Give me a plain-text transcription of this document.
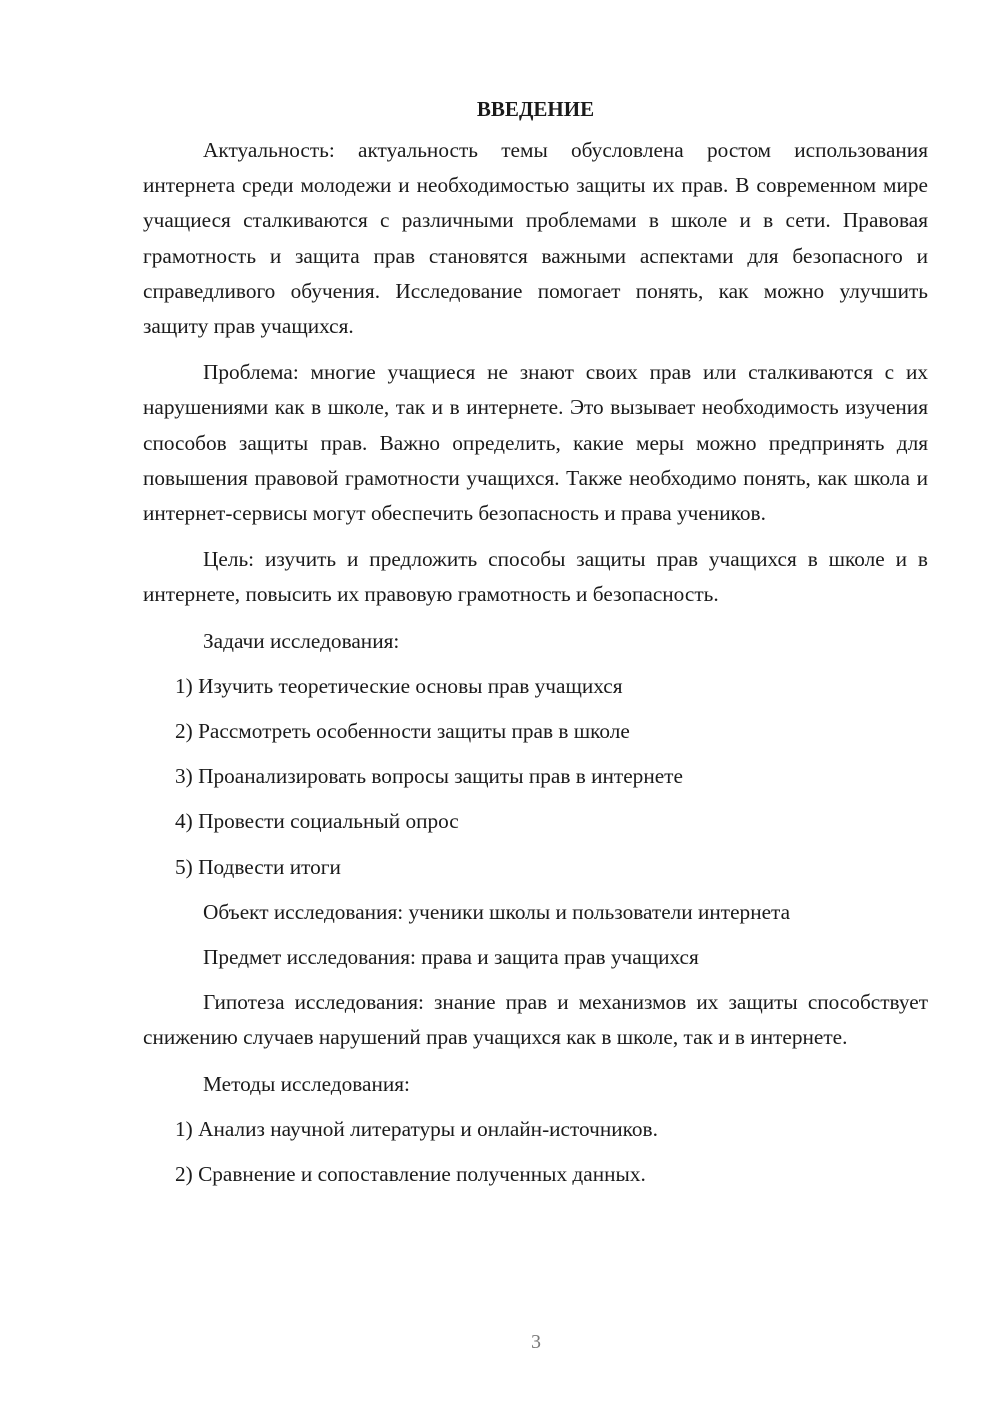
ВВЕДЕНИЕ

Актуальность: актуальность темы обусловлена ростом использования интернета среди молодежи и необходимостью защиты их прав. В современном мире учащиеся сталкиваются с различными проблемами в школе и в сети. Правовая грамотность и защита прав становятся важными аспектами для безопасного и справедливого обучения. Исследование помогает понять, как можно улучшить защиту прав учащихся.

Проблема: многие учащиеся не знают своих прав или сталкиваются с их нарушениями как в школе, так и в интернете. Это вызывает необходимость изучения способов защиты прав. Важно определить, какие меры можно предпринять для повышения правовой грамотности учащихся. Также необходимо понять, как школа и интернет-сервисы могут обеспечить безопасность и права учеников.

Цель: изучить и предложить способы защиты прав учащихся в школе и в интернете, повысить их правовую грамотность и безопасность.

Задачи исследования:
1) Изучить теоретические основы прав учащихся
2) Рассмотреть особенности защиты прав в школе
3) Проанализировать вопросы защиты прав в интернете
4) Провести социальный опрос
5) Подвести итоги
Объект исследования: ученики школы и пользователи интернета
Предмет исследования: права и защита прав учащихся

Гипотеза исследования: знание прав и механизмов их защиты способствует снижению случаев нарушений прав учащихся как в школе, так и в интернете.

Методы исследования:
1) Анализ научной литературы и онлайн-источников.
2) Сравнение и сопоставление полученных данных.
3
